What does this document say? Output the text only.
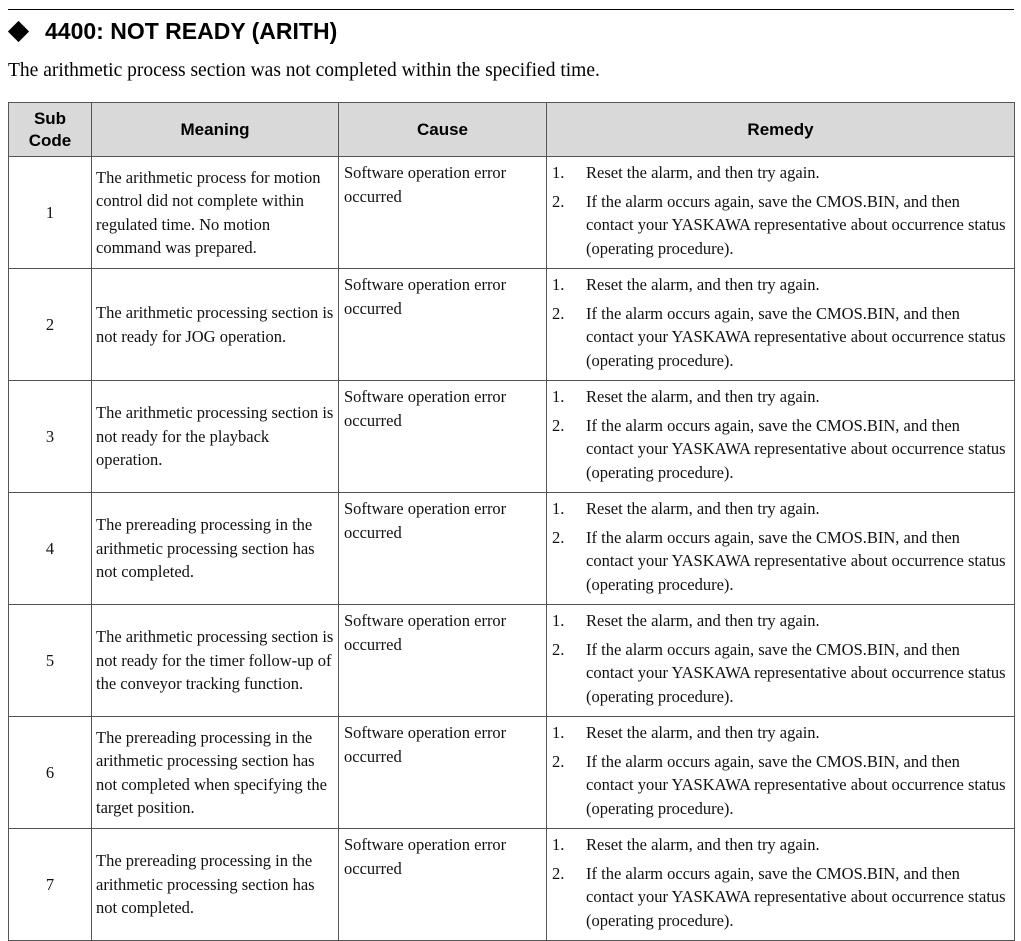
4400: NOT READY (ARITH)
The arithmetic process section was not completed within the specified time.
Sub
Code	Meaning	Cause	Remedy
1	The arithmetic process for motion control did not complete within regulated time. No motion command was prepared.	Software operation error occurred	1. Reset the alarm, and then try again.
2. If the alarm occurs again, save the CMOS.BIN, and then contact your YASKAWA representative about occurrence status (operating procedure).

2	The arithmetic processing section is not ready for JOG operation.	Software operation error occurred	1. Reset the alarm, and then try again.
2. If the alarm occurs again, save the CMOS.BIN, and then contact your YASKAWA representative about occurrence status (operating procedure).

3	The arithmetic processing section is not ready for the playback operation.	Software operation error occurred	1. Reset the alarm, and then try again.
2. If the alarm occurs again, save the CMOS.BIN, and then contact your YASKAWA representative about occurrence status (operating procedure).

4	The prereading processing in the arithmetic processing section has not completed.	Software operation error occurred	1. Reset the alarm, and then try again.
2. If the alarm occurs again, save the CMOS.BIN, and then contact your YASKAWA representative about occurrence status (operating procedure).

5	The arithmetic processing section is not ready for the timer follow-up of the conveyor tracking function.	Software operation error occurred	1. Reset the alarm, and then try again.
2. If the alarm occurs again, save the CMOS.BIN, and then contact your YASKAWA representative about occurrence status (operating procedure).

6	The prereading processing in the arithmetic processing section has not completed when specifying the target position.	Software operation error occurred	1. Reset the alarm, and then try again.
2. If the alarm occurs again, save the CMOS.BIN, and then contact your YASKAWA representative about occurrence status (operating procedure).

7	The prereading processing in the arithmetic processing section has not completed.	Software operation error occurred	1. Reset the alarm, and then try again.
2. If the alarm occurs again, save the CMOS.BIN, and then contact your YASKAWA representative about occurrence status (operating procedure).
